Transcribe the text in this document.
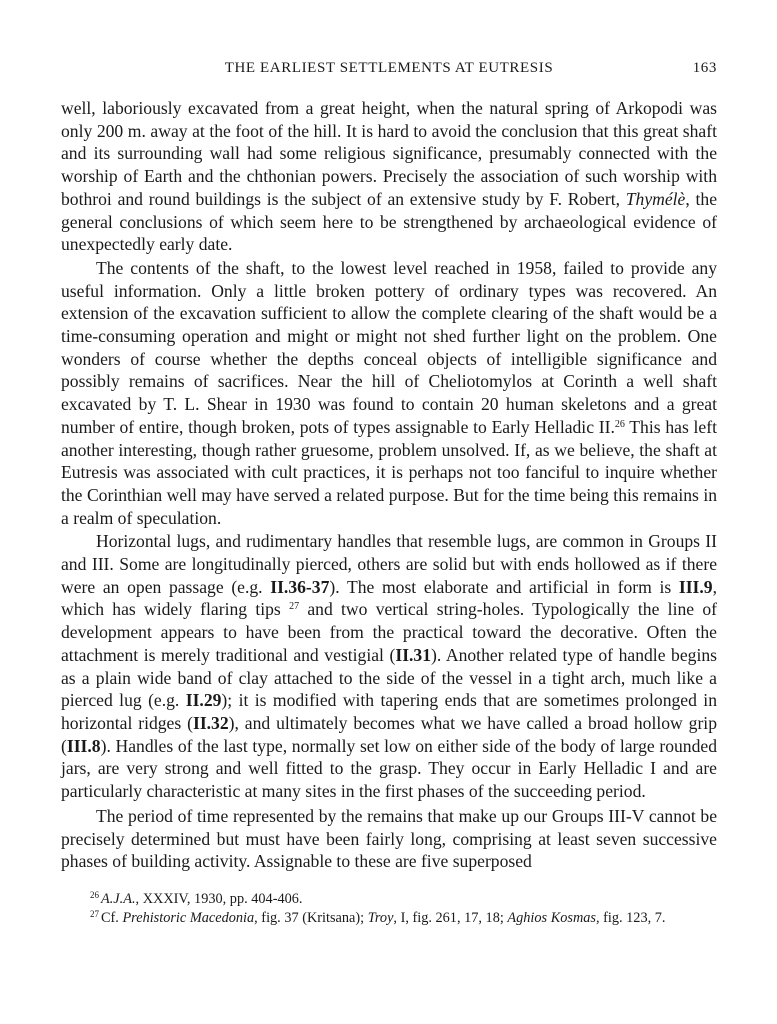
THE EARLIEST SETTLEMENTS AT EUTRESIS	163

well, laboriously excavated from a great height, when the natural spring of Arkopodi was only 200 m. away at the foot of the hill. It is hard to avoid the conclusion that this great shaft and its surrounding wall had some religious significance, presumably connected with the worship of Earth and the chthonian powers. Precisely the association of such worship with bothroi and round buildings is the subject of an extensive study by F. Robert, Thymélè, the general conclusions of which seem here to be strengthened by archaeological evidence of unexpectedly early date.

The contents of the shaft, to the lowest level reached in 1958, failed to provide any useful information. Only a little broken pottery of ordinary types was recovered. An extension of the excavation sufficient to allow the complete clearing of the shaft would be a time-consuming operation and might or might not shed further light on the problem. One wonders of course whether the depths conceal objects of intelligible significance and possibly remains of sacrifices. Near the hill of Cheliotomylos at Corinth a well shaft excavated by T. L. Shear in 1930 was found to contain 20 human skeletons and a great number of entire, though broken, pots of types assignable to Early Helladic II.$^{26}$ This has left another interesting, though rather gruesome, problem unsolved. If, as we believe, the shaft at Eutresis was associated with cult practices, it is perhaps not too fanciful to inquire whether the Corinthian well may have served a related purpose. But for the time being this remains in a realm of speculation.

Horizontal lugs, and rudimentary handles that resemble lugs, are common in Groups II and III. Some are longitudinally pierced, others are solid but with ends hollowed as if there were an open passage (e.g. II.36-37). The most elaborate and artificial in form is III.9, which has widely flaring tips $^{27}$ and two vertical string-holes. Typologically the line of development appears to have been from the practical toward the decorative. Often the attachment is merely traditional and vestigial (II.31). Another related type of handle begins as a plain wide band of clay attached to the side of the vessel in a tight arch, much like a pierced lug (e.g. II.29); it is modified with tapering ends that are sometimes prolonged in horizontal ridges (II.32), and ultimately becomes what we have called a broad hollow grip (III.8). Handles of the last type, normally set low on either side of the body of large rounded jars, are very strong and well fitted to the grasp. They occur in Early Helladic I and are particularly characteristic at many sites in the first phases of the succeeding period.

The period of time represented by the remains that make up our Groups III-V cannot be precisely determined but must have been fairly long, comprising at least seven successive phases of building activity. Assignable to these are five superposed

$^{26}$ A.J.A., XXXIV, 1930, pp. 404-406.

$^{27}$ Cf. Prehistoric Macedonia, fig. 37 (Kritsana); Troy, I, fig. 261, 17, 18; Aghios Kosmas, fig. 123, 7.
